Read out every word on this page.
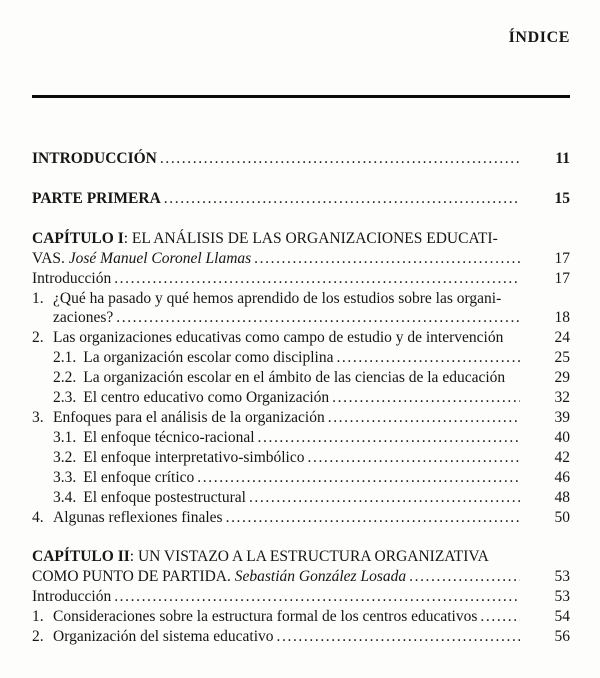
ÍNDICE
INTRODUCCIÓN .....	11
PARTE PRIMERA .....	15
CAPÍTULO I: EL ANÁLISIS DE LAS ORGANIZACIONES EDUCATI-
VAS. José Manuel Coronel Llamas .....	17
Introducción .....	17
1. ¿Qué ha pasado y qué hemos aprendido de los estudios sobre las organi-
zaciones? .....	18
2. Las organizaciones educativas como campo de estudio y de intervención	24
2.1. La organización escolar como disciplina .....	25
2.2. La organización escolar en el ámbito de las ciencias de la educación	29
2.3. El centro educativo como Organización .....	32
3. Enfoques para el análisis de la organización .....	39
3.1. El enfoque técnico-racional .....	40
3.2. El enfoque interpretativo-simbólico .....	42
3.3. El enfoque crítico .....	46
3.4. El enfoque postestructural .....	48
4. Algunas reflexiones finales .....	50
CAPÍTULO II: UN VISTAZO A LA ESTRUCTURA ORGANIZATIVA
COMO PUNTO DE PARTIDA. Sebastián González Losada .....	53
Introducción .....	53
1. Consideraciones sobre la estructura formal de los centros educativos .....	54
2. Organización del sistema educativo .....	56
